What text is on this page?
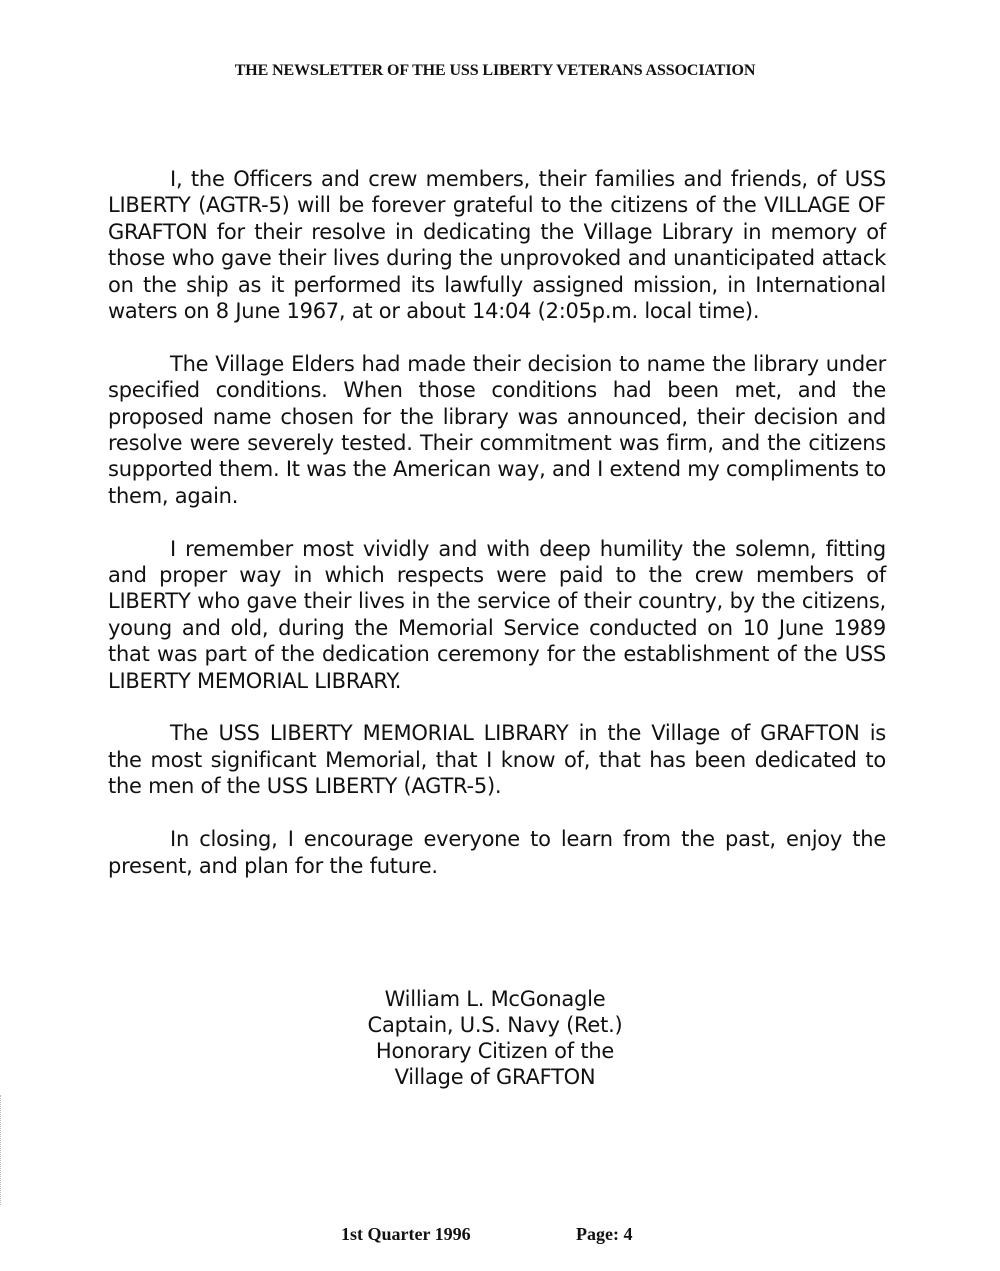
THE NEWSLETTER OF THE USS LIBERTY VETERANS ASSOCIATION

I, the Officers and crew members, their families and friends, of USS LIBERTY (AGTR-5) will be forever grateful to the citizens of the VILLAGE OF GRAFTON for their resolve in dedicating the Village Library in memory of those who gave their lives during the unprovoked and unanticipated attack on the ship as it performed its lawfully assigned mission, in International waters on 8 June 1967, at or about 14:04 (2:05p.m. local time).

The Village Elders had made their decision to name the library under specified conditions. When those conditions had been met, and the proposed name chosen for the library was announced, their decision and resolve were severely tested. Their commitment was firm, and the citizens supported them. It was the American way, and I extend my compliments to them, again.

I remember most vividly and with deep humility the solemn, fitting and proper way in which respects were paid to the crew members of LIBERTY who gave their lives in the service of their country, by the citizens, young and old, during the Memorial Service conducted on 10 June 1989 that was part of the dedication ceremony for the establishment of the USS LIBERTY MEMORIAL LIBRARY.

The USS LIBERTY MEMORIAL LIBRARY in the Village of GRAFTON is the most significant Memorial, that I know of, that has been dedicated to the men of the USS LIBERTY (AGTR-5).

In closing, I encourage everyone to learn from the past, enjoy the present, and plan for the future.

William L. McGonagle
Captain, U.S. Navy (Ret.)
Honorary Citizen of the
Village of GRAFTON
1st Quarter 1996	Page: 4
